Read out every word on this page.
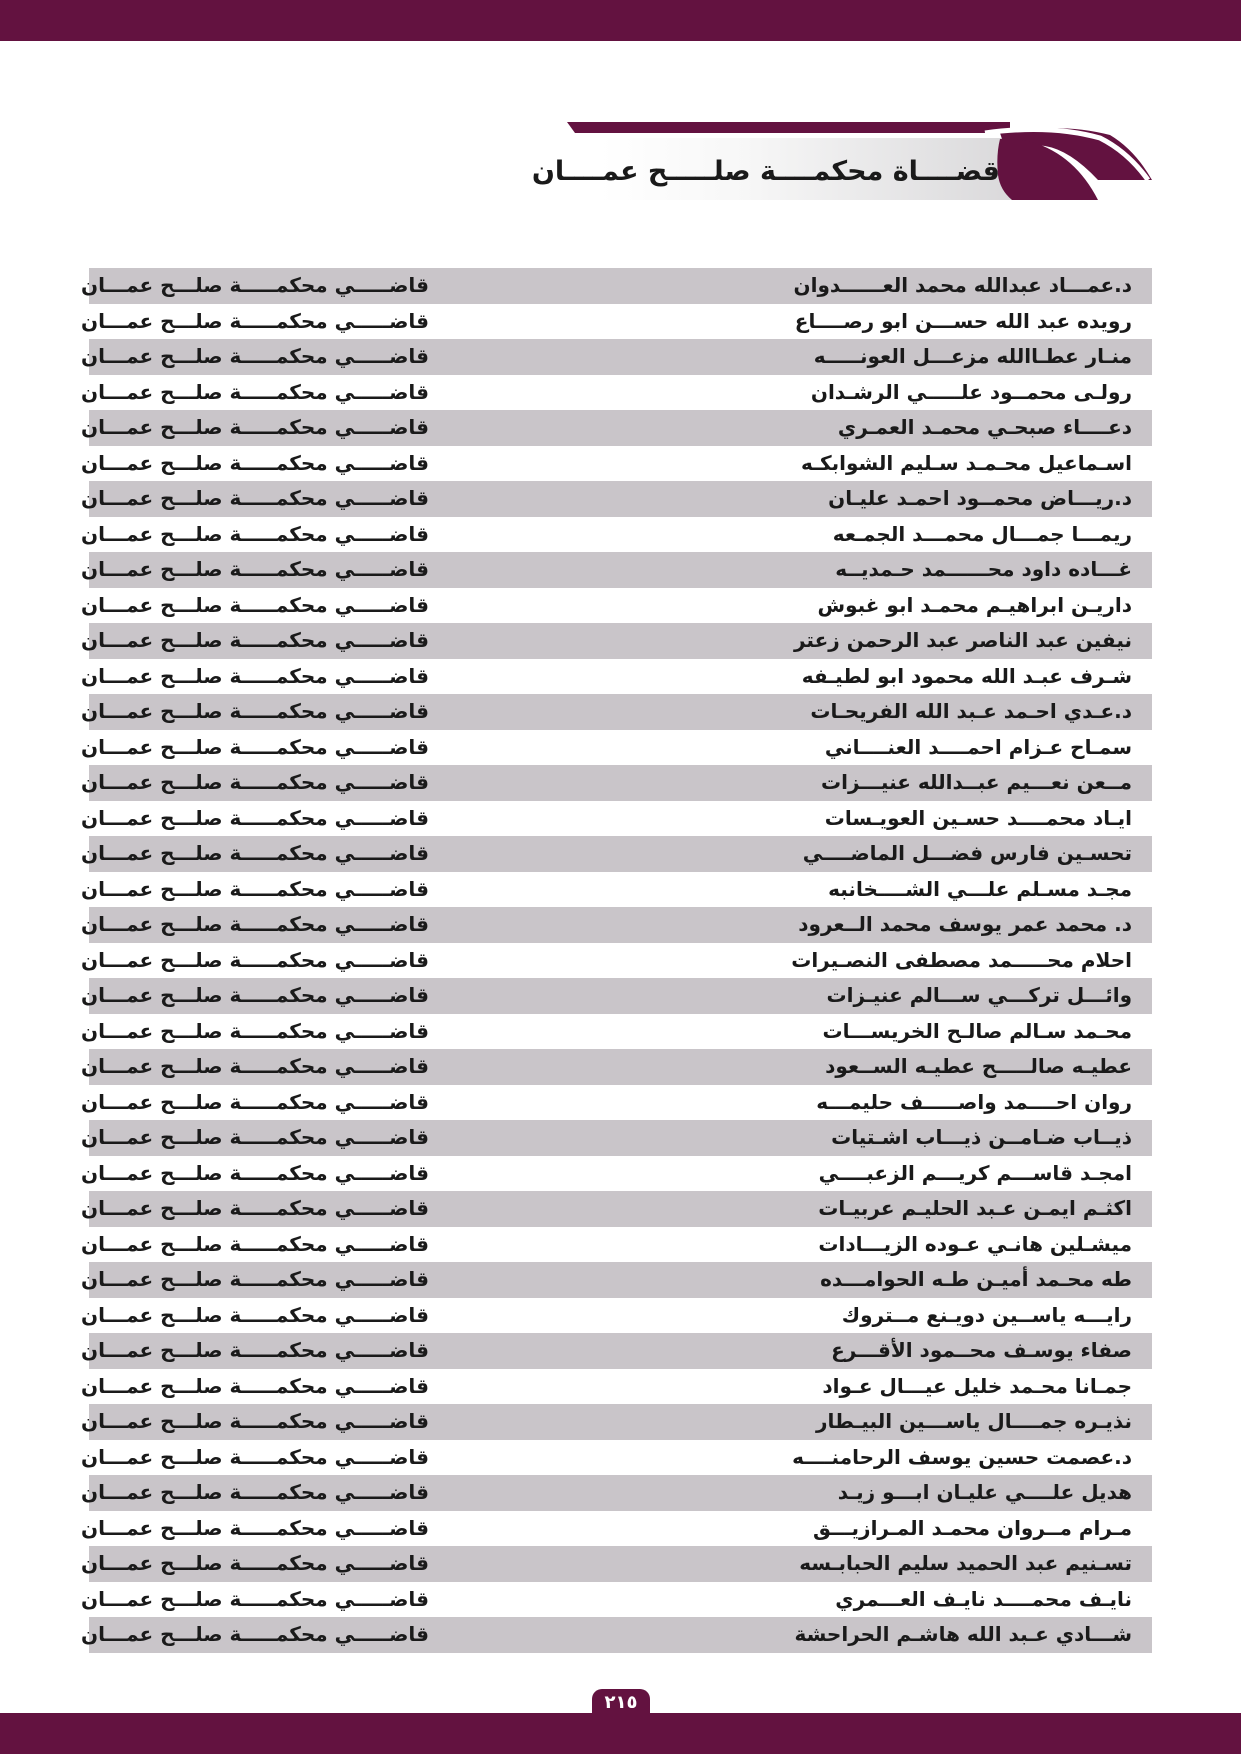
قضــــاة محكمــــة صلـــــح عمــــان
د.عمـــاد عبدالله محمد العــــــدوان
قاضـــــي محكمـــــة صلـــح عمـــان
رويده عبد الله حســـن ابو رصــــاع
قاضـــــي محكمـــــة صلـــح عمـــان
منـار عطـاالله مزعـــل العونـــــه
قاضـــــي محكمـــــة صلـــح عمـــان
رولـى محمــود علـــــي الرشـدان
قاضـــــي محكمـــــة صلـــح عمـــان
دعــــاء صبحـي محمـد العمـري
قاضـــــي محكمـــــة صلـــح عمـــان
اسـماعيل محـمـد سـليم الشوابكـه
قاضـــــي محكمـــــة صلـــح عمـــان
د.ريـــاض محمــود احمـد عليـان
قاضـــــي محكمـــــة صلـــح عمـــان
ريمـــا جمـــال محمـــد الجمـعه
قاضـــــي محكمـــــة صلـــح عمـــان
غـــاده داود محــــــمد حـمديــه
قاضـــــي محكمـــــة صلـــح عمـــان
داريـن ابراهيـم محمـد ابو غبوش
قاضـــــي محكمـــــة صلـــح عمـــان
نيفين عبد الناصر عبد الرحمن زعتر
قاضـــــي محكمـــــة صلـــح عمـــان
شـرف عبـد الله محمود ابو لطيـفه
قاضـــــي محكمـــــة صلـــح عمـــان
د.عـدي احـمد عـبد الله الفريحـات
قاضـــــي محكمـــــة صلـــح عمـــان
سمـاح عـزام احمــــد العنــــاني
قاضـــــي محكمـــــة صلـــح عمـــان
مــعن نعـــيم عبــدالله عنيـــزات
قاضـــــي محكمـــــة صلـــح عمـــان
ايـاد محمــــد حسـين العويـسات
قاضـــــي محكمـــــة صلـــح عمـــان
تحسـين فارس فضـــل الماضــــي
قاضـــــي محكمـــــة صلـــح عمـــان
مجـد مسـلم علـــي الشــــخانبه
قاضـــــي محكمـــــة صلـــح عمـــان
د. محمد عمر يوسف محمد الــعرود
قاضـــــي محكمـــــة صلـــح عمـــان
احلام محـــــمد مصطفى النصـيرات
قاضـــــي محكمـــــة صلـــح عمـــان
وائـــل تركـــي ســـالم عنيـزات
قاضـــــي محكمـــــة صلـــح عمـــان
محـمد سـالم صالـح الخريســـات
قاضـــــي محكمـــــة صلـــح عمـــان
عطيـه صالـــــح عطيـه الســعود
قاضـــــي محكمـــــة صلـــح عمـــان
روان احــــمد واصـــــف حليمـــه
قاضـــــي محكمـــــة صلـــح عمـــان
ذيــاب ضـامــن ذيـــاب اشـتيات
قاضـــــي محكمـــــة صلـــح عمـــان
امجـد قاســـم كريـــم الزعبــــي
قاضـــــي محكمـــــة صلـــح عمـــان
اكثـم ايمـن عـبد الحليـم عربيـات
قاضـــــي محكمـــــة صلـــح عمـــان
ميشـلين هانـي عـوده الزيـــادات
قاضـــــي محكمـــــة صلـــح عمـــان
طه محـمد أميـن طـه الحوامـــده
قاضـــــي محكمـــــة صلـــح عمـــان
رايـــه ياســين دويـنع مــتروك
قاضـــــي محكمـــــة صلـــح عمـــان
صفاء يوسـف محــمود الأقـــرع
قاضـــــي محكمـــــة صلـــح عمـــان
جمـانا محـمد خليل عيـــال عـواد
قاضـــــي محكمـــــة صلـــح عمـــان
نذيـره جمــــال ياســـين البيـطار
قاضـــــي محكمـــــة صلـــح عمـــان
د.عصمت حسين يوسف الرحامنــــه
قاضـــــي محكمـــــة صلـــح عمـــان
هديل علــــي عليـان ابـــو زيـد
قاضـــــي محكمـــــة صلـــح عمـــان
مـرام مــروان محمـد المـرازيـــق
قاضـــــي محكمـــــة صلـــح عمـــان
تسـنيم عبد الحميد سليم الحبابـسه
قاضـــــي محكمـــــة صلـــح عمـــان
نايـف محمــــد نايـف العـــمري
قاضـــــي محكمـــــة صلـــح عمـــان
شـــادي عـبد الله هاشـم الحراحشة
قاضـــــي محكمـــــة صلـــح عمـــان
٢١٥
